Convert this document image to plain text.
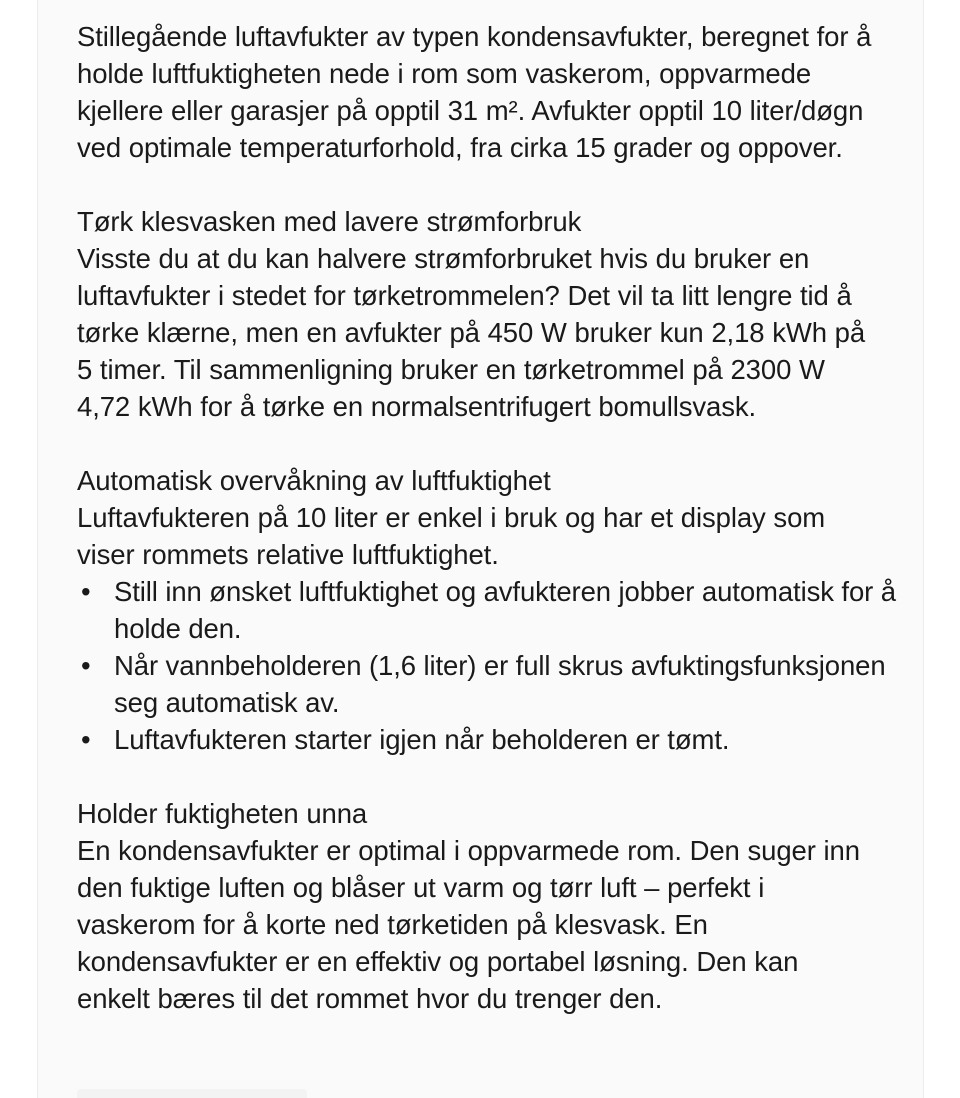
Stillegående luftavfukter av typen kondensavfukter, beregnet for å holde luftfuktigheten nede i rom som vaskerom, oppvarmede kjellere eller garasjer på opptil 31 m². Avfukter opptil 10 liter/døgn ved optimale temperaturforhold, fra cirka 15 grader og oppover.

Tørk klesvasken med lavere strømforbruk

Visste du at du kan halvere strømforbruket hvis du bruker en luftavfukter i stedet for tørketrommelen? Det vil ta litt lengre tid å tørke klærne, men en avfukter på 450 W bruker kun 2,18 kWh på 5 timer. Til sammenligning bruker en tørketrommel på 2300 W 4,72 kWh for å tørke en normalsentrifugert bomullsvask.

Automatisk overvåkning av luftfuktighet

Luftavfukteren på 10 liter er enkel i bruk og har et display som viser rommets relative luftfuktighet.

• Still inn ønsket luftfuktighet og avfukteren jobber automatisk for å holde den.
• Når vannbeholderen (1,6 liter) er full skrus avfuktingsfunksjonen seg automatisk av.
• Luftavfukteren starter igjen når beholderen er tømt.

Holder fuktigheten unna

En kondensavfukter er optimal i oppvarmede rom. Den suger inn den fuktige luften og blåser ut varm og tørr luft – perfekt i vaskerom for å korte ned tørketiden på klesvask. En kondensavfukter er en effektiv og portabel løsning. Den kan enkelt bæres til det rommet hvor du trenger den.
